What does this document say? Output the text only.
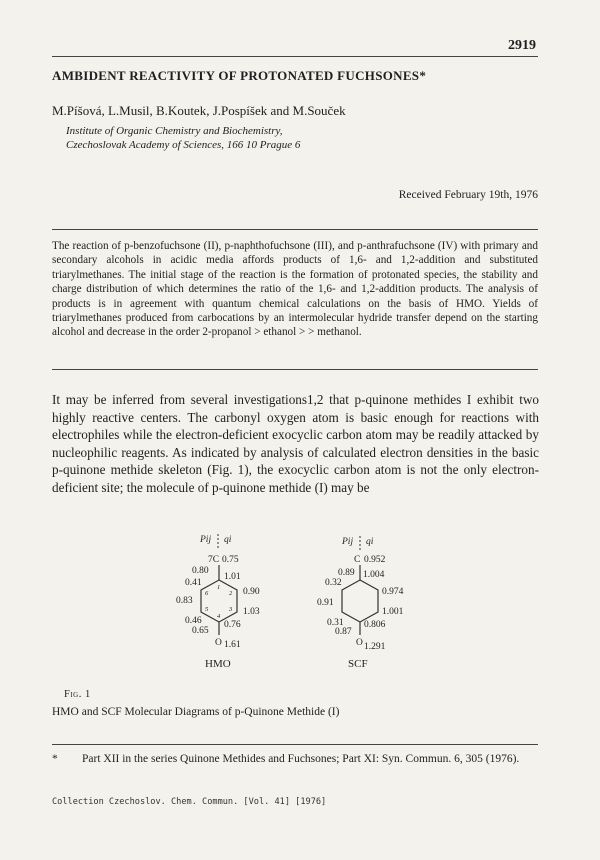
2919
AMBIDENT REACTIVITY OF PROTONATED FUCHSONES*
M.Píšová, L.Musil, B.Koutek, J.Pospíšek and M.Souček
Institute of Organic Chemistry and Biochemistry,
Czechoslovak Academy of Sciences, 166 10 Prague 6
Received February 19th, 1976

The reaction of p-benzofuchsone (II), p-naphthofuchsone (III), and p-anthrafuchsone (IV) with primary and secondary alcohols in acidic media affords products of 1,6- and 1,2-addition and substituted triarylmethanes. The initial stage of the reaction is the formation of protonated species, the stability and charge distribution of which determines the ratio of the 1,6- and 1,2-addition products. The analysis of products is in agreement with quantum chemical calculations on the basis of HMO. Yields of triarylmethanes produced from carbocations by an intermolecular hydride transfer depend on the starting alcohol and decrease in the order 2-propanol > ethanol > > methanol.

It may be inferred from several investigations1,2 that p-quinone methides I exhibit two highly reactive centers. The carbonyl oxygen atom is basic enough for reactions with electrophiles while the electron-deficient exocyclic carbon atom may be readily attacked by nucleophilic reagents. As indicated by analysis of calculated electron densities in the basic p-quinone methide skeleton (Fig. 1), the exocyclic carbon atom is not the only electron-deficient site; the molecule of p-quinone methide (I) may be

Pij qi
7C 0.75
0.80
1.01
0.41
0.90
0.83
1.03
0.46 0.76
0.65
O 1.61
1
2
3
4
5
6
HMO
Pij qi
C 0.952
0.89 1.004
0.32
0.974
0.91
1.001
0.31 0.806
0.87
O 1.291
SCF
Fig. 1
HMO and SCF Molecular Diagrams of p-Quinone Methide (I)
* Part XII in the series Quinone Methides and Fuchsones; Part XI: Syn. Commun. 6, 305 (1976).
Collection Czechoslov. Chem. Commun. [Vol. 41] [1976]
